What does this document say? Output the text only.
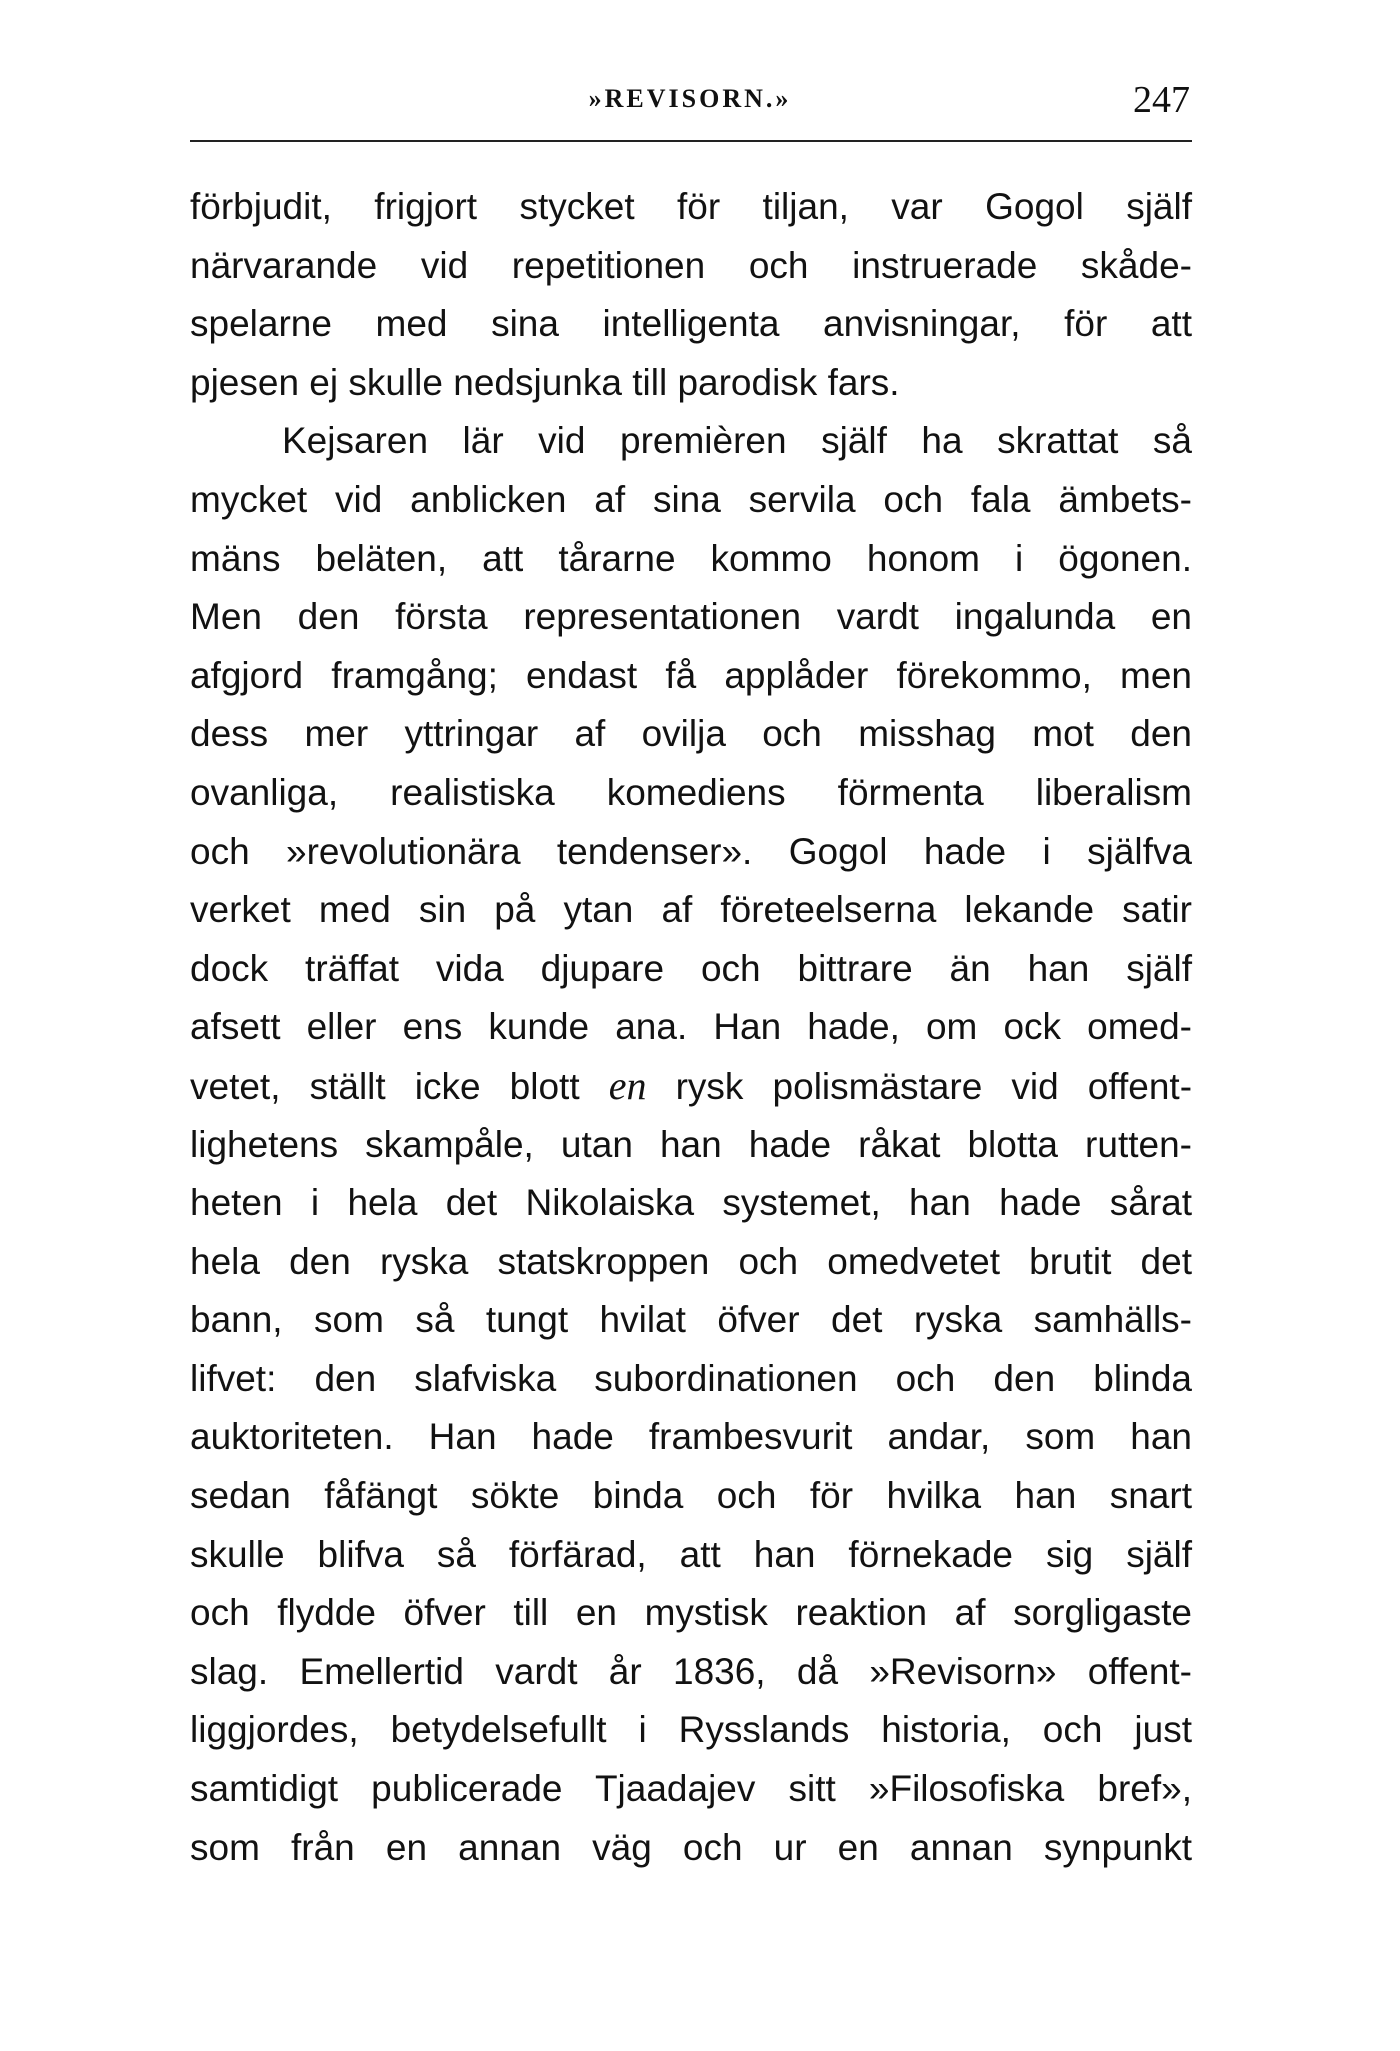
»REVISORN.»	247
förbjudit, frigjort stycket för tiljan, var Gogol själf
närvarande vid repetitionen och instruerade skåde-
spelarne med sina intelligenta anvisningar, för att
pjesen ej skulle nedsjunka till parodisk fars.
Kejsaren lär vid premièren själf ha skrattat så
mycket vid anblicken af sina servila och fala ämbets-
mäns beläten, att tårarne kommo honom i ögonen.
Men den första representationen vardt ingalunda en
afgjord framgång; endast få applåder förekommo, men
dess mer yttringar af ovilja och misshag mot den
ovanliga, realistiska komediens förmenta liberalism
och »revolutionära tendenser». Gogol hade i själfva
verket med sin på ytan af företeelserna lekande satir
dock träffat vida djupare och bittrare än han själf
afsett eller ens kunde ana. Han hade, om ock omed-
vetet, ställt icke blott en rysk polismästare vid offent-
lighetens skampåle, utan han hade råkat blotta rutten-
heten i hela det Nikolaiska systemet, han hade sårat
hela den ryska statskroppen och omedvetet brutit det
bann, som så tungt hvilat öfver det ryska samhälls-
lifvet: den slafviska subordinationen och den blinda
auktoriteten. Han hade frambesvurit andar, som han
sedan fåfängt sökte binda och för hvilka han snart
skulle blifva så förfärad, att han förnekade sig själf
och flydde öfver till en mystisk reaktion af sorgligaste
slag. Emellertid vardt år 1836, då »Revisorn» offent-
liggjordes, betydelsefullt i Rysslands historia, och just
samtidigt publicerade Tjaadajev sitt »Filosofiska bref»,
som från en annan väg och ur en annan synpunkt
